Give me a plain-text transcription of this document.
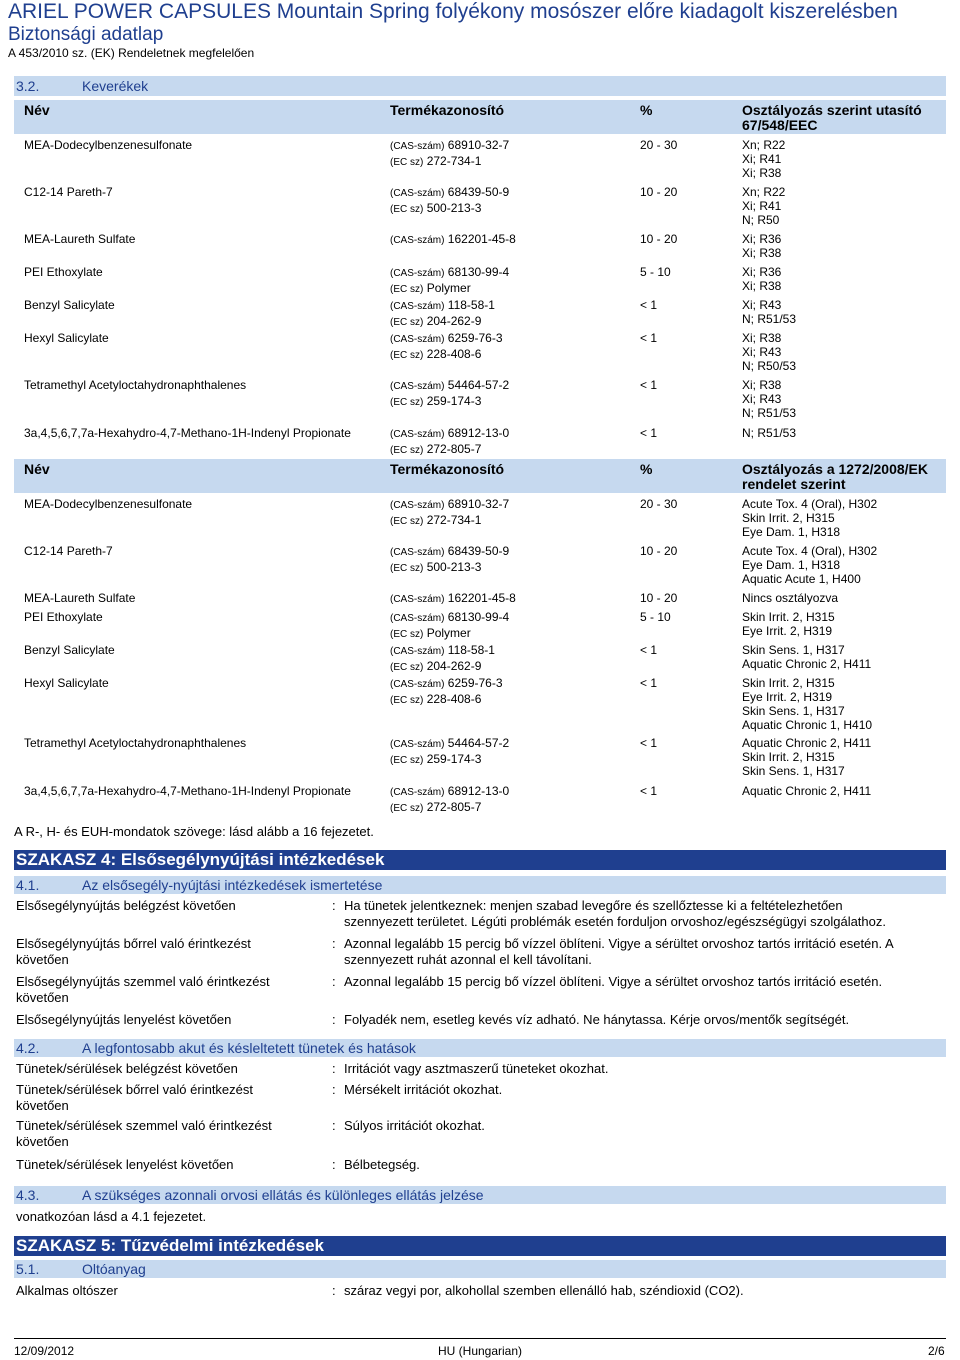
ARIEL POWER CAPSULES Mountain Spring folyékony mosószer előre kiadagolt kiszerelésben
Biztonsági adatlap
A 453/2010 sz. (EK) Rendeletnek megfelelően
3.2.	Keverékek
Név	Termékazonosító	%	Osztályozás szerint utasító
67/548/EEC
MEA-Dodecylbenzenesulfonate	(CAS-szám) 68910-32-7
(EC sz) 272-734-1
20 - 30	Xn; R22
Xi; R41
Xi; R38
C12-14 Pareth-7	(CAS-szám) 68439-50-9
(EC sz) 500-213-3
10 - 20	Xn; R22
Xi; R41
N; R50
MEA-Laureth Sulfate	(CAS-szám) 162201-45-8	10 - 20	Xi; R36
Xi; R38
PEI Ethoxylate	(CAS-szám) 68130-99-4
(EC sz) Polymer
5 - 10	Xi; R36
Xi; R38
Benzyl Salicylate	(CAS-szám) 118-58-1
(EC sz) 204-262-9
< 1	Xi; R43
N; R51/53
Hexyl Salicylate	(CAS-szám) 6259-76-3
(EC sz) 228-408-6
< 1	Xi; R38
Xi; R43
N; R50/53
Tetramethyl Acetyloctahydronaphthalenes	(CAS-szám) 54464-57-2
(EC sz) 259-174-3
< 1	Xi; R38
Xi; R43
N; R51/53
3a,4,5,6,7,7a-Hexahydro-4,7-Methano-1H-Indenyl Propionate	(CAS-szám) 68912-13-0
(EC sz) 272-805-7
< 1	N; R51/53
Név	Termékazonosító	%	Osztályozás a 1272/2008/EK
rendelet szerint
MEA-Dodecylbenzenesulfonate	(CAS-szám) 68910-32-7
(EC sz) 272-734-1
20 - 30	Acute Tox. 4 (Oral), H302
Skin Irrit. 2, H315
Eye Dam. 1, H318
C12-14 Pareth-7	(CAS-szám) 68439-50-9
(EC sz) 500-213-3
10 - 20	Acute Tox. 4 (Oral), H302
Eye Dam. 1, H318
Aquatic Acute 1, H400
MEA-Laureth Sulfate	(CAS-szám) 162201-45-8	10 - 20	Nincs osztályozva
PEI Ethoxylate	(CAS-szám) 68130-99-4
(EC sz) Polymer
5 - 10	Skin Irrit. 2, H315
Eye Irrit. 2, H319
Benzyl Salicylate	(CAS-szám) 118-58-1
(EC sz) 204-262-9
< 1	Skin Sens. 1, H317
Aquatic Chronic 2, H411
Hexyl Salicylate	(CAS-szám) 6259-76-3
(EC sz) 228-408-6
< 1	Skin Irrit. 2, H315
Eye Irrit. 2, H319
Skin Sens. 1, H317
Aquatic Chronic 1, H410
Tetramethyl Acetyloctahydronaphthalenes	(CAS-szám) 54464-57-2
(EC sz) 259-174-3
< 1	Aquatic Chronic 2, H411
Skin Irrit. 2, H315
Skin Sens. 1, H317
3a,4,5,6,7,7a-Hexahydro-4,7-Methano-1H-Indenyl Propionate	(CAS-szám) 68912-13-0
(EC sz) 272-805-7
< 1	Aquatic Chronic 2, H411
A R-, H- és EUH-mondatok szövege: lásd alább a 16 fejezetet.
SZAKASZ 4: Elsősegélynyújtási intézkedések
4.1.	Az elsősegély-nyújtási intézkedések ismertetése
Elsősegélynyújtás belégzést követően	: Ha tünetek jelentkeznek: menjen szabad levegőre és szellőztesse ki a feltételezhetően
szennyezett területet. Légúti problémák esetén forduljon orvoshoz/egészségügyi szolgálathoz.
Elsősegélynyújtás bőrrel való érintkezést
követően
: Azonnal legalább 15 percig bő vízzel öblíteni. Vigye a sérültet orvoshoz tartós irritáció esetén. A
szennyezett ruhát azonnal el kell távolítani.
Elsősegélynyújtás szemmel való érintkezést
követően
: Azonnal legalább 15 percig bő vízzel öblíteni. Vigye a sérültet orvoshoz tartós irritáció esetén.
Elsősegélynyújtás lenyelést követően	: Folyadék nem, esetleg kevés víz adható. Ne hánytassa. Kérje orvos/mentők segítségét.
4.2.	A legfontosabb akut és késleltetett tünetek és hatások
Tünetek/sérülések belégzést követően	: Irritációt vagy asztmaszerű tüneteket okozhat.
Tünetek/sérülések bőrrel való érintkezést
követően
: Mérsékelt irritációt okozhat.
Tünetek/sérülések szemmel való érintkezést
követően
: Súlyos irritációt okozhat.
Tünetek/sérülések lenyelést követően	: Bélbetegség.
4.3.	A szükséges azonnali orvosi ellátás és különleges ellátás jelzése
vonatkozóan lásd a 4.1 fejezetet.
SZAKASZ 5: Tűzvédelmi intézkedések
5.1.	Oltóanyag
Alkalmas oltószer	: száraz vegyi por, alkohollal szemben ellenálló hab, széndioxid (CO2).
12/09/2012	HU (Hungarian)	2/6
